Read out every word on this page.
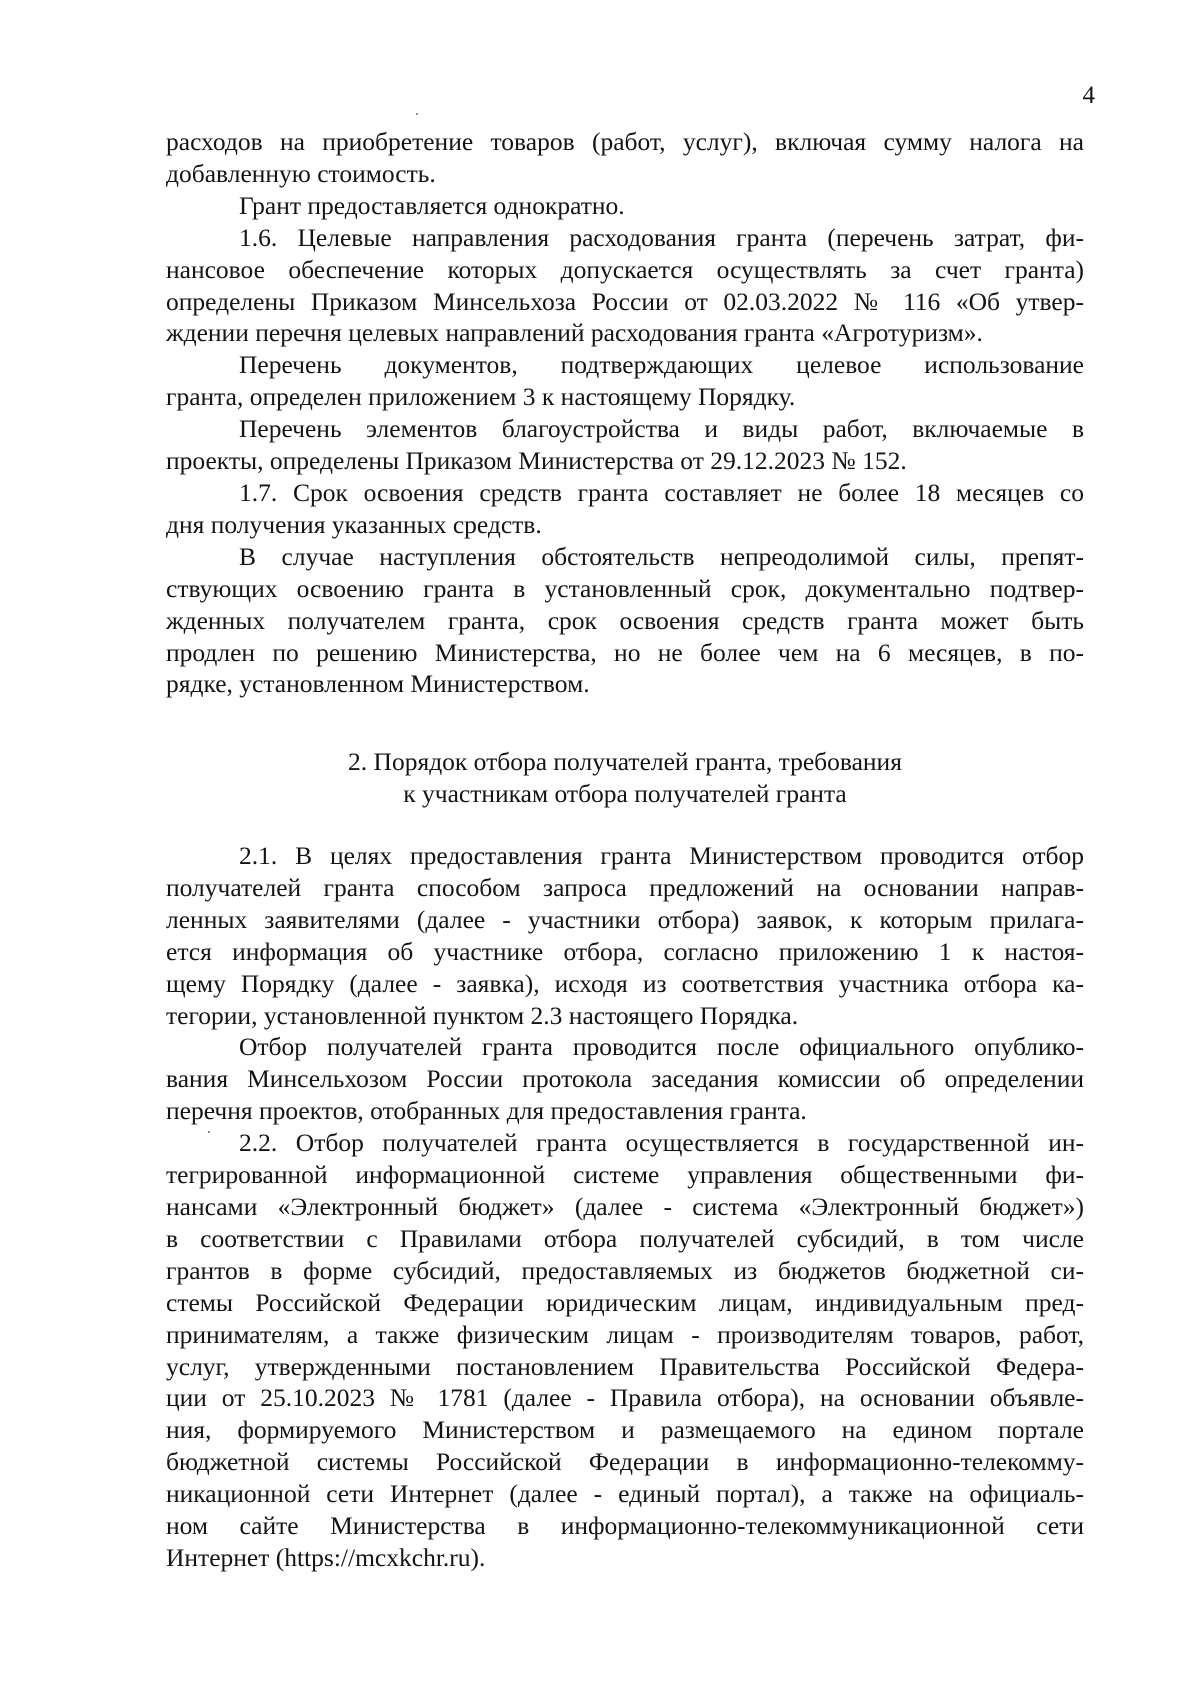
4
расходов на приобретение товаров (работ, услуг), включая сумму налога на
добавленную стоимость.
Грант предоставляется однократно.
1.6. Целевые направления расходования гранта (перечень затрат, фи-
нансовое обеспечение которых допускается осуществлять за счет гранта)
определены Приказом Минсельхоза России от 02.03.2022 № 116 «Об утвер-
ждении перечня целевых направлений расходования гранта «Агротуризм».
Перечень документов, подтверждающих целевое использование
гранта, определен приложением 3 к настоящему Порядку.
Перечень элементов благоустройства и виды работ, включаемые в
проекты, определены Приказом Министерства от 29.12.2023 № 152.
1.7. Срок освоения средств гранта составляет не более 18 месяцев со
дня получения указанных средств.
В случае наступления обстоятельств непреодолимой силы, препят-
ствующих освоению гранта в установленный срок, документально подтвер-
жденных получателем гранта, срок освоения средств гранта может быть
продлен по решению Министерства, но не более чем на 6 месяцев, в по-
рядке, установленном Министерством.
2. Порядок отбора получателей гранта, требования
к участникам отбора получателей гранта
2.1. В целях предоставления гранта Министерством проводится отбор
получателей гранта способом запроса предложений на основании направ-
ленных заявителями (далее - участники отбора) заявок, к которым прилага-
ется информация об участнике отбора, согласно приложению 1 к настоя-
щему Порядку (далее - заявка), исходя из соответствия участника отбора ка-
тегории, установленной пунктом 2.3 настоящего Порядка.
Отбор получателей гранта проводится после официального опублико-
вания Минсельхозом России протокола заседания комиссии об определении
перечня проектов, отобранных для предоставления гранта.
2.2. Отбор получателей гранта осуществляется в государственной ин-
тегрированной информационной системе управления общественными фи-
нансами «Электронный бюджет» (далее - система «Электронный бюджет»)
в соответствии с Правилами отбора получателей субсидий, в том числе
грантов в форме субсидий, предоставляемых из бюджетов бюджетной си-
стемы Российской Федерации юридическим лицам, индивидуальным пред-
принимателям, а также физическим лицам - производителям товаров, работ,
услуг, утвержденными постановлением Правительства Российской Федера-
ции от 25.10.2023 № 1781 (далее - Правила отбора), на основании объявле-
ния, формируемого Министерством и размещаемого на едином портале
бюджетной системы Российской Федерации в информационно-телекомму-
никационной сети Интернет (далее - единый портал), а также на официаль-
ном сайте Министерства в информационно-телекоммуникационной сети
Интернет (https://mcxkchr.ru).
